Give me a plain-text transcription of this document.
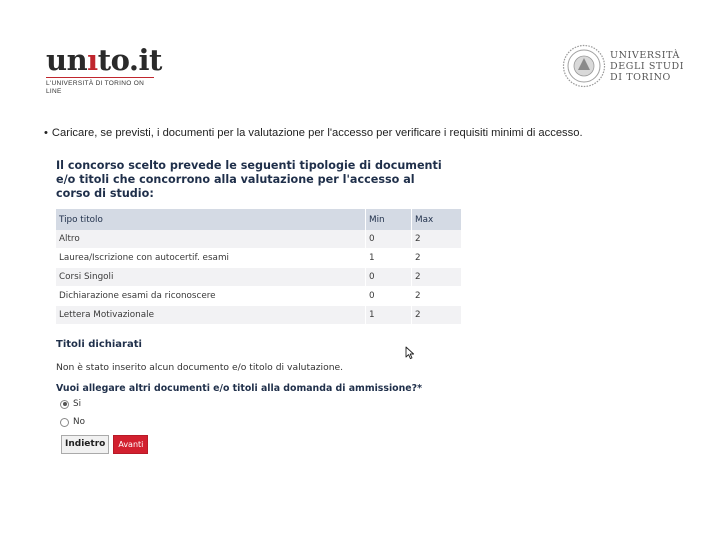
unıto.it
L'UNIVERSITÀ DI TORINO ON LINE
UNIVERSITÀ
DEGLI STUDI
DI TORINO
• Caricare, se previsti, i documenti per la valutazione per l'accesso per verificare i requisiti minimi di accesso.
Il concorso scelto prevede le seguenti tipologie di documenti e/o titoli che concorrono alla valutazione per l'accesso al corso di studio:
Tipo titolo	Min	Max
Altro	0	2
Laurea/Iscrizione con autocertif. esami	1	2
Corsi Singoli	0	2
Dichiarazione esami da riconoscere	0	2
Lettera Motivazionale	1	2
Titoli dichiarati
Non è stato inserito alcun documento e/o titolo di valutazione.
Vuoi allegare altri documenti e/o titoli alla domanda di ammissione?*
Si
No
Indietro	Avanti
